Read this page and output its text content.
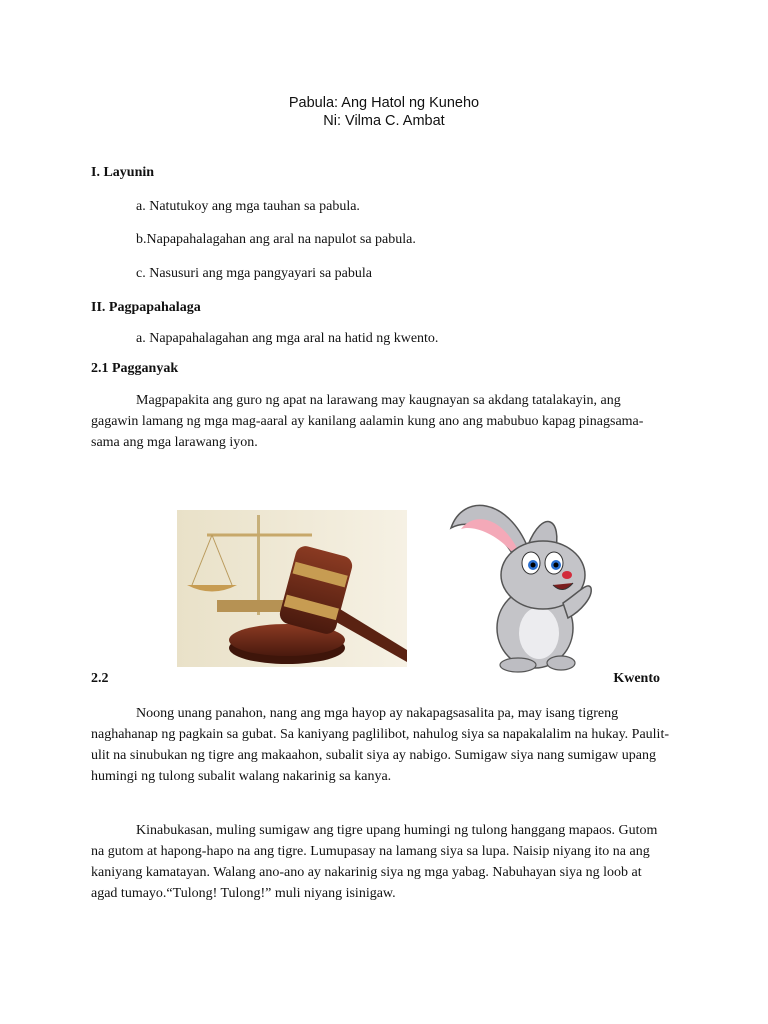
Pabula: Ang Hatol ng Kuneho
Ni: Vilma C. Ambat
I. Layunin
a. Natutukoy ang mga tauhan sa pabula.
b.Napapahalagahan ang aral na napulot sa pabula.
c. Nasusuri ang mga pangyayari sa pabula
II. Pagpapahalaga
a. Napapahalagahan ang mga aral na hatid ng kwento.
2.1 Pagganyak
Magpapakita ang guro ng apat na larawang may kaugnayan sa akdang tatalakayin, ang gagawin lamang ng mga mag-aaral ay kanilang aalamin kung ano ang mabubuo kapag pinagsama-sama ang mga larawang iyon.
2.2	Kwento
Noong unang panahon, nang ang mga hayop ay nakapagsasalita pa, may isang tigreng naghahanap ng pagkain sa gubat. Sa kaniyang paglilibot, nahulog siya sa napakalalim na hukay. Paulit-ulit na sinubukan ng tigre ang makaahon, subalit siya ay nabigo. Sumigaw siya nang sumigaw upang humingi ng tulong subalit walang nakarinig sa kanya.
Kinabukasan, muling sumigaw ang tigre upang humingi ng tulong hanggang mapaos. Gutom na gutom at hapong-hapo na ang tigre. Lumupasay na lamang siya sa lupa. Naisip niyang ito na ang kaniyang kamatayan. Walang ano-ano ay nakarinig siya ng mga yabag. Nabuhayan siya ng loob at agad tumayo.“Tulong! Tulong!” muli niyang isinigaw.
